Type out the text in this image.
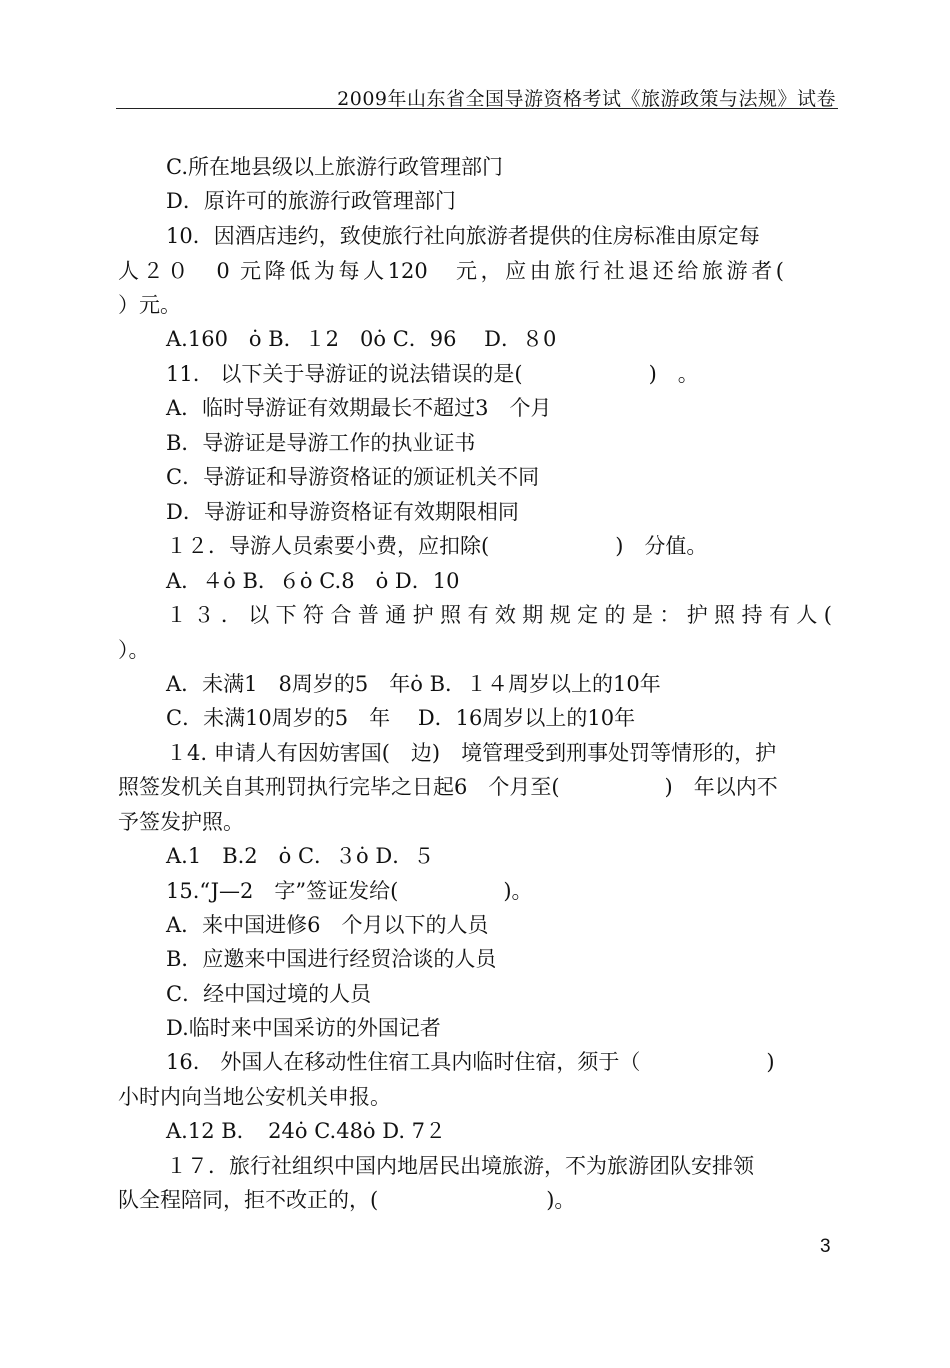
2009年山东省全国导游资格考试《旅游政策与法规》试卷
C.所在地县级以上旅游行政管理部门
D．原许可的旅游行政管理部门
10．因酒店违约，致使旅行社向旅游者提供的住房标准由原定每
人２０　0 元降低为每人120　元，应由旅行社退还给旅游者(
）元。
A.160　ȯ B．１2　0ȯ C．96　 D．８0
11.　以下关于导游证的说法错误的是(　　　　　　)　。
A．临时导游证有效期最长不超过3　个月
B．导游证是导游工作的执业证书
C．导游证和导游资格证的颁证机关不同
D．导游证和导游资格证有效期限相同
１２．导游人员索要小费，应扣除(　　　　　　)　分值。
A．４ȯ B．６ȯ C.8　ȯ D．10
１３．以下符合普通护照有效期规定的是：护照持有人(
）。
A．未满1　8周岁的5　年ȯ B．１４周岁以上的10年
C．未满10周岁的5　年　 D．16周岁以上的10年
１4. 申请人有因妨害国(　边)　境管理受到刑事处罚等情形的，护
照签发机关自其刑罚执行完毕之日起6　个月至(　　　　　)　年以内不
予签发护照。
A.1　B.2　ȯ C．３ȯ D．５
15.“J—2　字”签证发给(　　　　　)。
A．来中国进修6　个月以下的人员
B．应邀来中国进行经贸洽谈的人员
C．经中国过境的人员
D.临时来中国采访的外国记者
16.　外国人在移动性住宿工具内临时住宿，须于（　　　　　　)
小时内向当地公安机关申报。
A.12 B．　24ȯ C.48ȯ D. 7２
１７．旅行社组织中国内地居民出境旅游，不为旅游团队安排领
队全程陪同，拒不改正的，(　　　　　　　　)。
3
